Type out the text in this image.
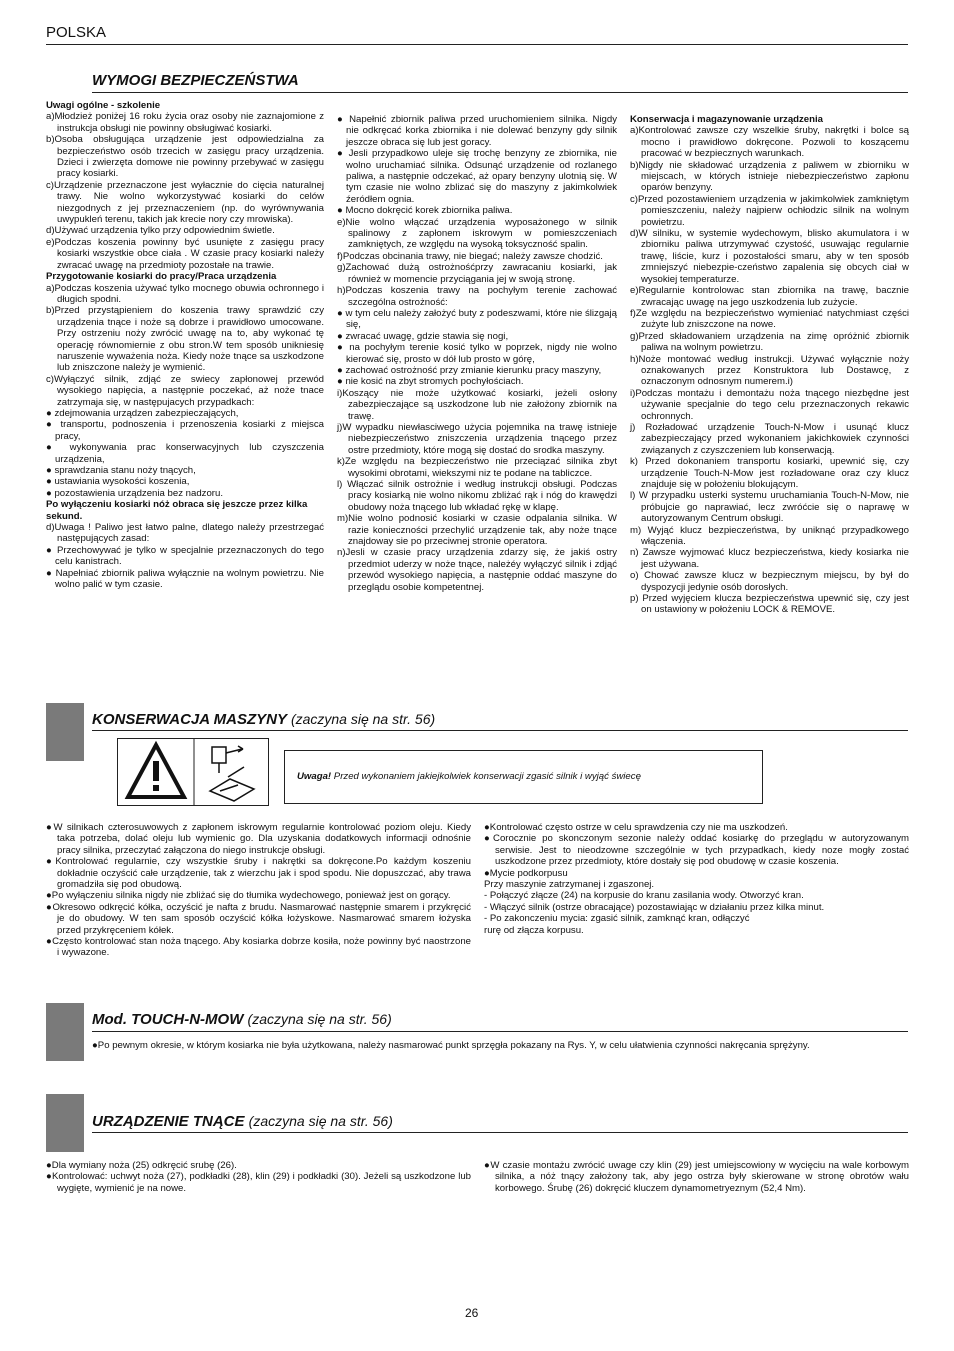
POLSKA
WYMOGI BEZPIECZEŃSTWA

Uwagi ogólne - szkolenie

a)Młodzież poniżej 16 roku życia oraz osoby nie zaznajomione z instrukcja obsługi nie powinny obsługiwać kosiarki.

b)Osoba obsługująca urządzenie jest odpowiedzialna za bezpieczeństwo osób trzecich w zasięgu pracy urządzenia. Dzieci i zwierzęta domowe nie powinny przebywać w zasięgu pracy kosiarki.

c)Urządzenie przeznaczone jest wyłacznie do cięcia naturalnej trawy. Nie wolno wykorzystywać kosiarki do celów niezgodnych z jej przeznaczeniem (np. do wyrównywania uwypukleń terenu, takich jak krecie nory czy mrowiska).

d)Używać urządzenia tylko przy odpowiednim świetle.

e)Podczas koszenia powinny być usunięte z zasięgu pracy kosiarki wszystkie obce ciała . W czasie pracy kosiarki należy zwracać uwagę na przedmioty pozostałe na trawie.

Przygotowanie kosiarki do pracy/Praca urządzenia

a)Podczas koszenia używać tylko mocnego obuwia ochronnego i długich spodni.

b)Przed przystąpieniem do koszenia trawy sprawdzić czy urządzenia tnące i noże są dobrze i prawidłowo umocowane. Przy ostrzeniu noży zwrócić uwagę na to, aby wykonać tę operację równomiernie z obu stron.W tem sposób unikniesię naruszenie wyważenia noża. Kiedy noże tnące sa uszkodzone lub zniszczone należy je wymienić.

c)Wyłączyć silnik, zdjąć ze swiecy zapłonowej przewód wysokiego napięcia, a następnie poczekać, aż noże tnace zatrzymaja się, w następujacych przypadkach:

● zdejmowania urządzen zabezpieczających,

● transportu, podnoszenia i przenoszenia kosiarki z miejsca pracy,

● wykonywania prac konserwacyjnych lub czyszczenia urządzenia,

● sprawdzania stanu noży tnących,

● ustawiania wysokości koszenia,

● pozostawienia urządzenia bez nadzoru.

Po wyłączeniu kosiarki nóż obraca się jeszcze przez kilka sekund.

d)Uwaga ! Paliwo jest łatwo palne, dlatego należy przestrzegać następujących zasad:

● Przechowywać je tylko w specjalnie przeznaczonych do tego celu kanistrach.

● Napełniać zbiornik paliwa wyłącznie na wolnym powietrzu. Nie wolno palić w tym czasie.

● Napełnić zbiornik paliwa przed uruchomieniem silnika. Nigdy nie odkręcać korka zbiornika i nie dolewać benzyny gdy silnik jeszcze obraca się lub jest goracy.

● Jesli przypadkowo uleje się trochę benzyny ze zbiornika, nie wolno uruchamiać silnika. Odsunąć urządzenie od rozlanego paliwa, a następnie odczekać, aż opary benzyny ulotnią się. W tym czasie nie wolno zblizać się do maszyny z jakimkolwiek źeródłem ognia.

● Mocno dokręcić korek zbiornika paliwa.

e)Nie wolno włączać urządzenia wyposażonego w silnik spalinowy z zapłonem iskrowym w pomieszczeniach zamkniętych, ze względu na wysoką toksyczność spalin.

f)Podczas obcinania trawy, nie biegać; należy zawsze chodzić.

g)Zachować dużą ostrożnośćprzy zawracaniu kosiarki, jak również w momencie przyciągania jej w swoją stronę.

h)Podczas koszenia trawy na pochyłym terenie zachować szczególna ostrożność:

● w tym celu należy założyć buty z podeszwami, które nie ślizgają się,

● zwracać uwagę, gdzie stawia się nogi,

● na pochyłym terenie kosić tylko w poprzek, nigdy nie wolno kierować się, prosto w dół lub prosto w górę,

● zachować ostrożność przy zmianie kierunku pracy maszyny,

● nie kosić na zbyt stromych pochyłościach.

i)Koszący nie może użytkować kosiarki, jeżeli osłony zabezpieczające są uszkodzone lub nie założony zbiornik na trawę.

j)W wypadku niewłasciwego użycia pojemnika na trawę istnieje niebezpieczeństwo zniszczenia urządzenia tnącego przez ostre przedmioty, które mogą się dostać do srodka maszyny.

k)Ze względu na bezpieczeństwo nie przeciązać silnika zbyt wysokimi obrotami, wiekszymi niz te podane na tabliczce.

l) Włączać silnik ostrożnie i według instrukcji obsługi. Podczas pracy kosiarką nie wolno nikomu zbliżać rąk i nóg do krawędzi obudowy noża tnącego lub wkładać rękę w klapę.

m)Nie wolno podnosić kosiarki w czasie odpalania silnika. W razie konieczności przechylić urządzenie tak, aby noże tnące znajdoway sie po przeciwnej stronie operatora.

n)Jesli w czasie pracy urządzenia zdarzy się, że jakiś ostry przedmiot uderzy w noże tnące, należéy wyłączyć silnik i zdjąć przewód wysokiego napięcia, a następnie oddać maszyne do przeglądu osobie kompetentnej.

Konserwacja i magazynowanie urządzenia

a)Kontrolować zawsze czy wszelkie śruby, nakrętki i bolce są mocno i prawidłowo dokręcone. Pozwoli to koszącemu pracować w bezpiecznych warunkach.

b)Nigdy nie składować urządzenia z paliwem w zbiorniku w miejscach, w których istnieje niebezpieczeństwo zapłonu oparów benzyny.

c)Przed pozostawieniem urządzenia w jakimkolwiek zamkniętym pomieszczeniu, należy najpierw ochłodzic silnik na wolnym powietrzu.

d)W silniku, w systemie wydechowym, blisko akumulatora i w zbiorniku paliwa utrzymywać czystość, usuwając regularnie trawę, liście, kurz i pozostałości smaru, aby w ten sposób zmniejszyć niebezpie-czeństwo zapalenia się obcych ciał w wysokiej temperaturze.

e)Regularnie kontrolowac stan zbiornika na trawę, bacznie zwracając uwagę na jego uszkodzenia lub zużycie.

f)Ze względu na bezpieczeństwo wymieniać natychmiast części zużyte lub zniszczone na nowe.

g)Przed składowaniem urządzenia na zimę opróżnić zbiornik paliwa na wolnym powietrzu.

h)Noże montować według instrukcji. Używać wyłącznie noży oznakowanych przez Konstruktora lub Dostawcę, z oznaczonym odnosnym numerem.i)

i)Podczas montażu i demontażu noża tnącego niezbędne jest używanie specjalnie do tego celu przeznaczonych rekawic ochronnych.

j) Rozładować urządzenie Touch-N-Mow i usunąć klucz zabezpieczający przed wykonaniem jakichkowiek czynności związanych z czyszczeniem lub konserwacją.

k) Przed dokonaniem transportu kosiarki, upewnić się, czy urządzenie Touch-N-Mow jest rozładowane oraz czy klucz znajduje się w położeniu blokującym.

l) W przypadku usterki systemu uruchamiania Touch-N-Mow, nie próbujcie go naprawiać, lecz zwróćcie się o naprawę w autoryzowanym Centrum obsługi.

m) Wyjąć klucz bezpieczeństwa, by uniknąć przypadkowego włączenia.

n) Zawsze wyjmować klucz bezpieczeństwa, kiedy kosiarka nie jest używana.

o) Chować zawsze klucz w bezpiecznym miejscu, by był do dyspozycji jedynie osób dorosłych.

p) Przed wyjęciem klucza bezpieczeństwa upewnić się, czy jest on ustawiony w położeniu LOCK & REMOVE.

KONSERWACJA MASZYNY (zaczyna się na str. 56)
Uwaga! Przed wykonaniem jakiejkolwiek konserwacji zgasić silnik i wyjąć świecę

●W silnikach czterosuwowych z zapłonem iskrowym regularnie kontrolować poziom oleju. Kiedy taka potrzeba, dolać oleju lub wymienic go. Dla uzyskania dodatkowych informacji odnośnie pracy silnika, przeczytać załączona do niego instrukcje obsługi.

●Kontrolować regularnie, czy wszystkie śruby i nakrętki sa dokręcone.Po każdym koszeniu dokładnie oczyścić całe urządzenie, tak z wierzchu jak i spod spodu. Nie dopuszczać, aby trawa gromadziła się pod obudową.

●Po wyłączeniu silnika nigdy nie zbliżać się do tłumika wydechowego, ponieważ jest on gorący.

●Okresowo odkręcić kółka, oczyścić je nafta z brudu. Nasmarować następnie smarem i przykręcić je do obudowy. W ten sam sposób oczyścić kółka łożyskowe. Nasmarować smarem łożyska przed przykręceniem kółek.

●Często kontrolować stan noża tnącego. Aby kosiarka dobrze kosiła, noże powinny być naostrzone i wywazone.

●Kontrolować często ostrze w celu sprawdzenia czy nie ma uszkodzeń.

●Corocznie po skonczonym sezonie należy oddać kosiarkę do przeglądu w autoryzowanym serwisie. Jest to nieodzowne szczególnie w tych przypadkach, kiedy noze mogły zostać uszkodzone przez przedmioty, które dostały się pod obudowę w czasie koszenia.

●Mycie podkorpusu

Przy maszynie zatrzymanej i zgaszonej.

- Połączyć złącze (24) na korpusie do kranu zasilania wody. Otworzyć kran.

- Włączyć silnik (ostrze obracające) pozostawiając w działaniu przez kilka minut.

- Po zakonczeniu mycia: zgasić silnik, zamknąć kran, odłączyć

rurę od złącza korpusu.

Mod. TOUCH-N-MOW (zaczyna się na str. 56)
●Po pewnym okresie, w którym kosiarka nie była użytkowana, należy nasmarować punkt sprzęgła pokazany na Rys. Y, w celu ułatwienia czynności nakręcania sprężyny.
URZĄDZENIE TNĄCE (zaczyna się na str. 56)

●Dla wymiany noża (25) odkręcić srubę (26).

●Kontrolować: uchwyt noża (27), podkładki (28), klin (29) i podkładki (30). Jeżeli są uszkodzone lub wygięte, wymienić je na nowe.

●W czasie montażu zwrócić uwage czy klin (29) jest umiejscowiony w wycięciu na wale korbowym silnika, a nóż tnący założony tak, aby jego ostrza były skierowane w stronę obrotów wału korbowego. Śrubę (26) dokręcić kluczem dynamometryeznym (52,4 Nm).

26
